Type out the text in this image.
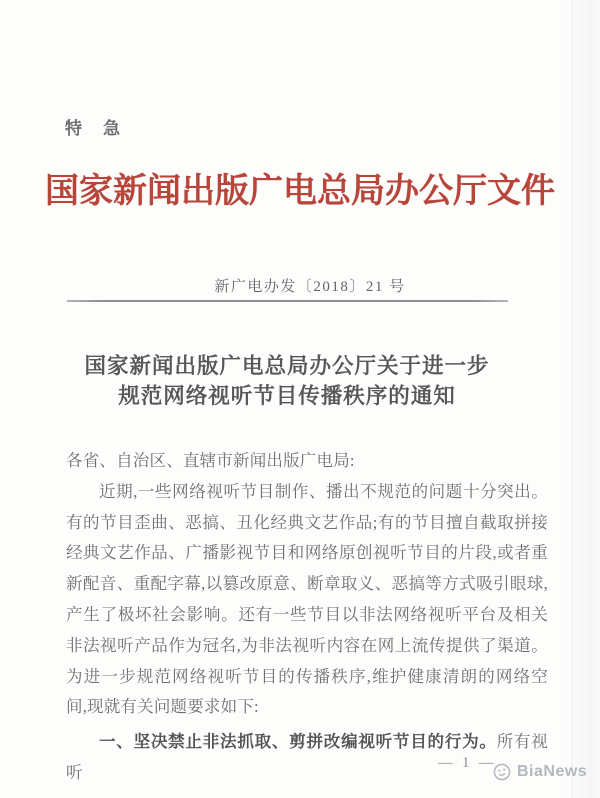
特　急
国家新闻出版广电总局办公厅文件
新广电办发〔2018〕21 号
国家新闻出版广电总局办公厅关于进一步
规范网络视听节目传播秩序的通知
各省、自治区、直辖市新闻出版广电局:
近期,一些网络视听节目制作、播出不规范的问题十分突出。
有的节目歪曲、恶搞、丑化经典文艺作品;有的节目擅自截取拼接
经典文艺作品、广播影视节目和网络原创视听节目的片段,或者重
新配音、重配字幕,以篡改原意、断章取义、恶搞等方式吸引眼球,
产生了极坏社会影响。还有一些节目以非法网络视听平台及相关
非法视听产品作为冠名,为非法视听内容在网上流传提供了渠道。
为进一步规范网络视听节目的传播秩序,维护健康清朗的网络空
间,现就有关问题要求如下:
一、坚决禁止非法抓取、剪拼改编视听节目的行为。所有视听	— 1 — BiaNews
